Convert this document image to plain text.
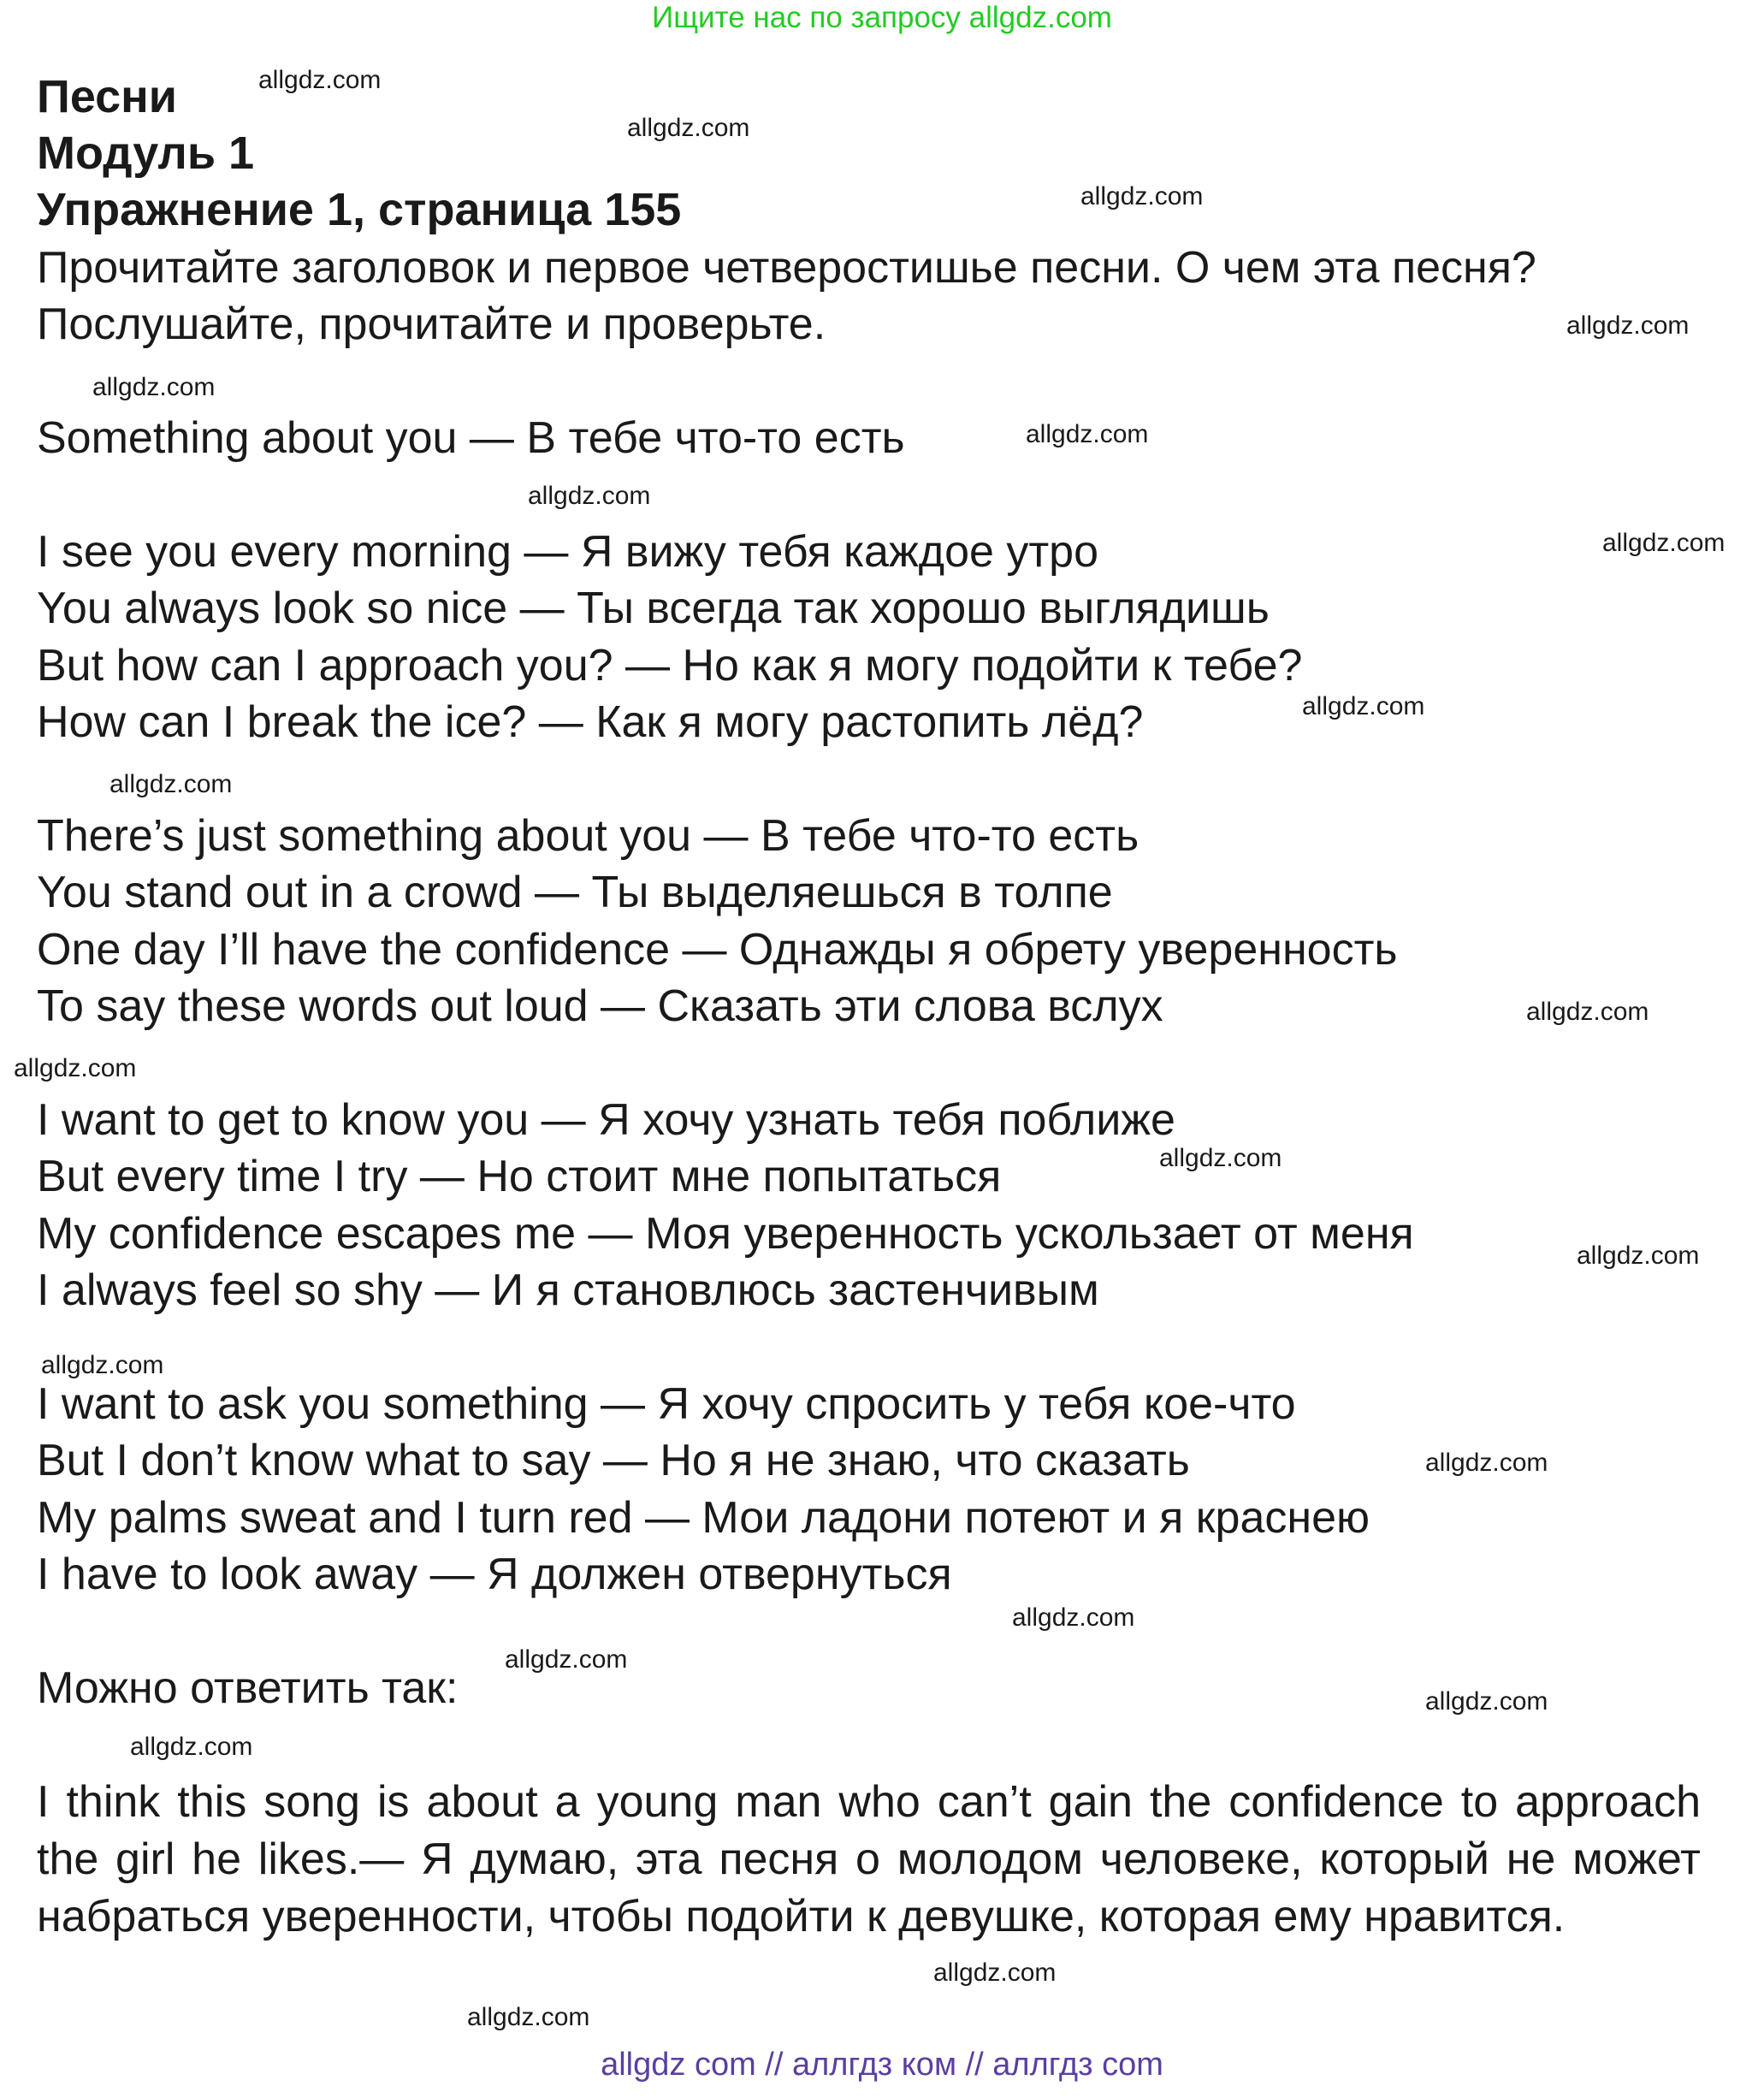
Ищите нас по запросу allgdz.com
Песни
Модуль 1
Упражнение 1, страница 155
Прочитайте заголовок и первое четверостишье песни. О чем эта песня?
Послушайте, прочитайте и проверьте.
Something about you — В тебе что-то есть
I see you every morning — Я вижу тебя каждое утро
You always look so nice — Ты всегда так хорошо выглядишь
But how can I approach you? — Но как я могу подойти к тебе?
How can I break the ice? — Как я могу растопить лёд?
There’s just something about you — В тебе что-то есть
You stand out in a crowd — Ты выделяешься в толпе
One day I’ll have the confidence — Однажды я обрету уверенность
To say these words out loud — Сказать эти слова вслух
I want to get to know you — Я хочу узнать тебя поближе
But every time I try — Но стоит мне попытаться
My confidence escapes me — Моя уверенность ускользает от меня
I always feel so shy — И я становлюсь застенчивым
I want to ask you something — Я хочу спросить у тебя кое-что
But I don’t know what to say — Но я не знаю, что сказать
My palms sweat and I turn red — Мои ладони потеют и я краснею
I have to look away — Я должен отвернуться
Можно ответить так:
I think this song is about a young man who can’t gain the confidence to approach the girl he likes.— Я думаю, эта песня о молодом человеке, который не может набраться уверенности, чтобы подойти к девушке, которая ему нравится.
allgdz.com
allgdz.com
allgdz.com
allgdz.com
allgdz.com
allgdz.com
allgdz.com
allgdz.com
allgdz.com
allgdz.com
allgdz.com
allgdz.com
allgdz.com
allgdz.com
allgdz.com
allgdz.com
allgdz.com
allgdz.com
allgdz.com
allgdz.com
allgdz.com
allgdz.com
allgdz com // аллгдз ком // аллгдз com
